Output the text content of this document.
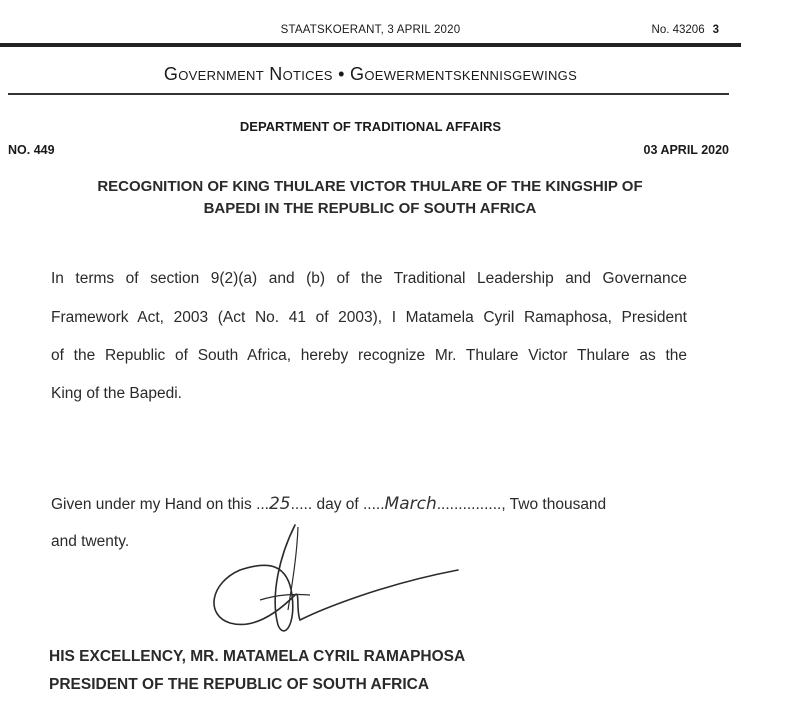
STAATSKOERANT, 3 APRIL 2020	No. 43206 3
Government Notices • Goewermentskennisgewings
DEPARTMENT OF TRADITIONAL AFFAIRS
NO. 449	03 APRIL 2020
RECOGNITION OF KING THULARE VICTOR THULARE OF THE KINGSHIP OF
BAPEDI IN THE REPUBLIC OF SOUTH AFRICA
In terms of section 9(2)(a) and (b) of the Traditional Leadership and Governance
Framework Act, 2003 (Act No. 41 of 2003), I Matamela Cyril Ramaphosa, President
of the Republic of South Africa, hereby recognize Mr. Thulare Victor Thulare as the
King of the Bapedi.
Given under my Hand on this ...25..... day of .....March..............., Two thousand
and twenty.
HIS EXCELLENCY, MR. MATAMELA CYRIL RAMAPHOSA
PRESIDENT OF THE REPUBLIC OF SOUTH AFRICA
